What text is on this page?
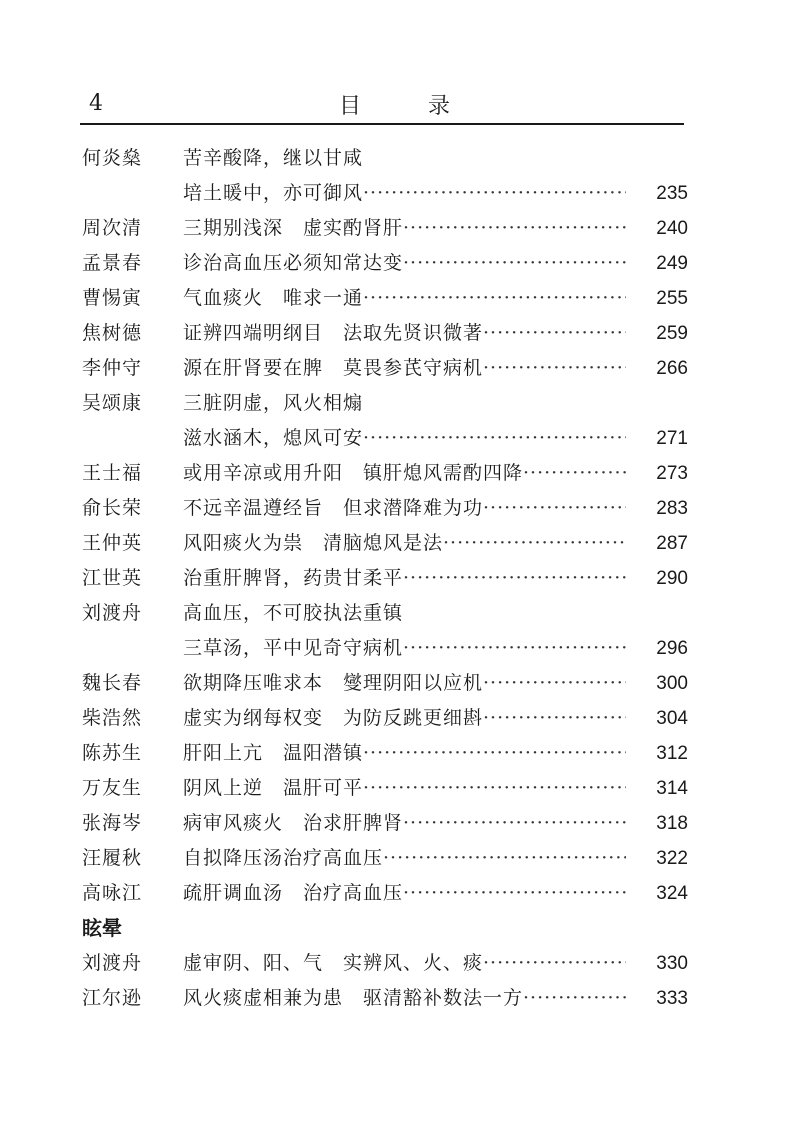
4	目 录
何炎燊	苦辛酸降，继以甘咸
培土暖中，亦可御风 ·····	235
周次清	三期别浅深　虚实酌肾肝 ·····	240
孟景春	诊治高血压必须知常达变 ·····	249
曹惕寅	气血痰火　唯求一通 ·····	255
焦树德	证辨四端明纲目　法取先贤识微著 ·····	259
李仲守	源在肝肾要在脾　莫畏参芪守病机 ·····	266
吴颂康	三脏阴虚，风火相煽
滋水涵木，熄风可安 ·····	271
王士福	或用辛凉或用升阳　镇肝熄风需酌四降 ·····	273
俞长荣	不远辛温遵经旨　但求潜降难为功 ·····	283
王仲英	风阳痰火为祟　清脑熄风是法 ·····	287
江世英	治重肝脾肾，药贵甘柔平 ·····	290
刘渡舟	高血压，不可胶执法重镇
三草汤，平中见奇守病机 ·····	296
魏长春	欲期降压唯求本　燮理阴阳以应机 ·····	300
柴浩然	虚实为纲每权变　为防反跳更细斟 ·····	304
陈苏生	肝阳上亢　温阳潜镇 ·····	312
万友生	阴风上逆　温肝可平 ·····	314
张海岑	病审风痰火　治求肝脾肾 ·····	318
汪履秋	自拟降压汤治疗高血压 ·····	322
高咏江	疏肝调血汤　治疗高血压 ·····	324
眩晕
刘渡舟	虚审阴、阳、气　实辨风、火、痰 ·····	330
江尔逊	风火痰虚相兼为患　驱清豁补数法一方 ·····	333
